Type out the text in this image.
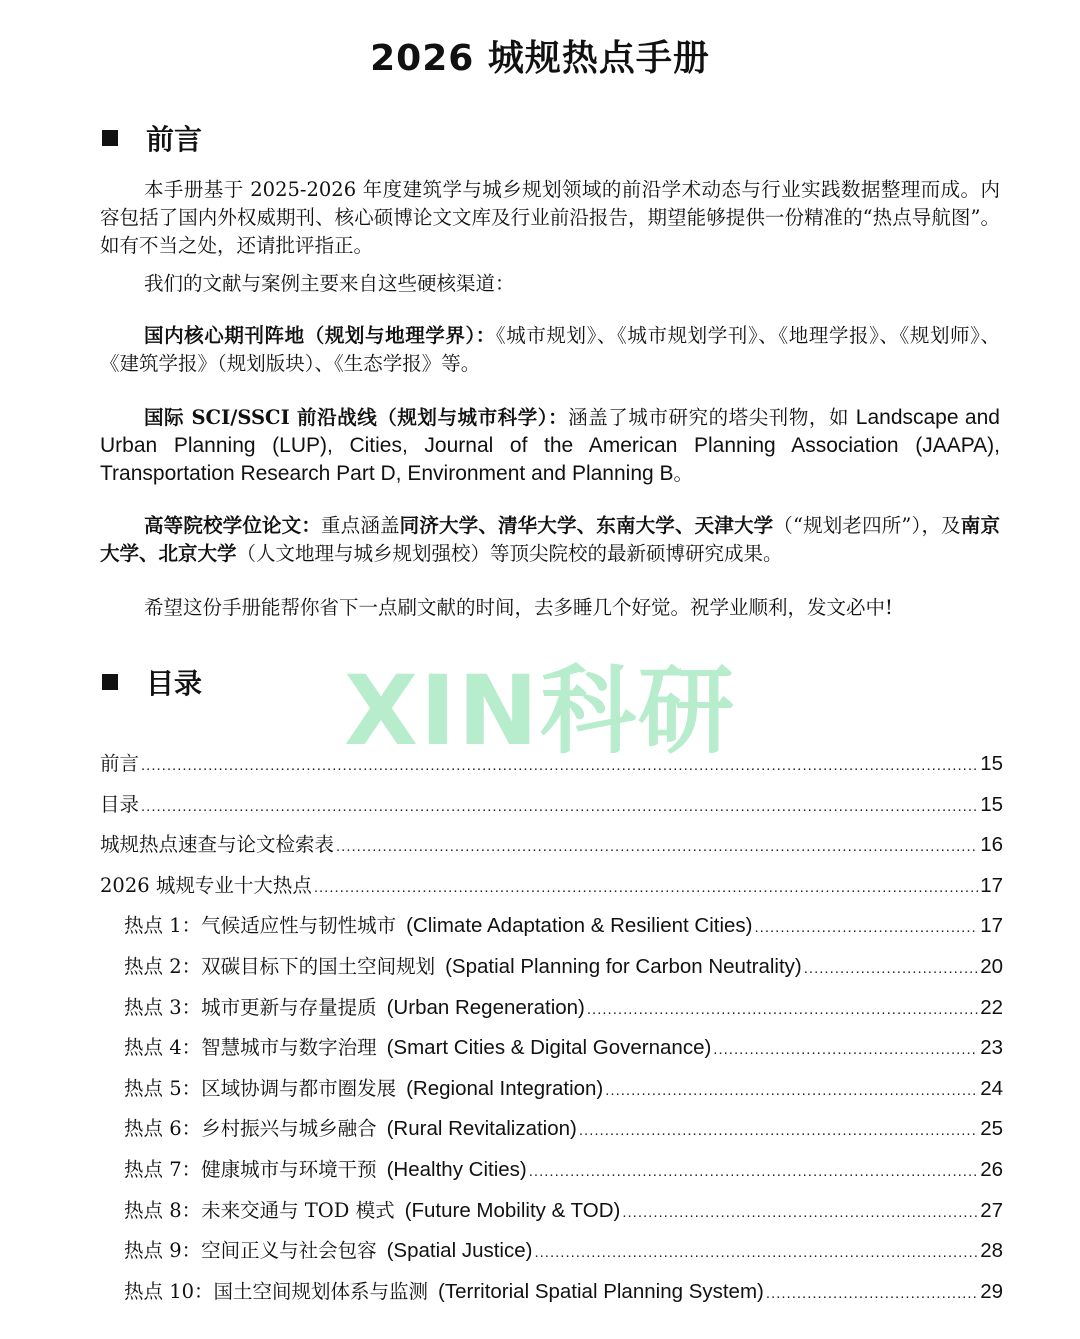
2026 城规热点手册
前言

本手册基于 2025-2026 年度建筑学与城乡规划领域的前沿学术动态与行业实践数据整理而成。内容包括了国内外权威期刊、核心硕博论文文库及行业前沿报告，期望能够提供一份精准的“热点导航图”。如有不当之处，还请批评指正。

我们的文献与案例主要来自这些硬核渠道：

国内核心期刊阵地（规划与地理学界）：《城市规划》、《城市规划学刊》、《地理学报》、《规划师》、《建筑学报》（规划版块）、《生态学报》等。

国际 SCI/SSCI 前沿战线（规划与城市科学）：涵盖了城市研究的塔尖刊物，如 Landscape and Urban Planning (LUP), Cities, Journal of the American Planning Association (JAAPA), Transportation Research Part D, Environment and Planning B。

高等院校学位论文：重点涵盖同济大学、清华大学、东南大学、天津大学（“规划老四所”），及南京大学、北京大学（人文地理与城乡规划强校）等顶尖院校的最新硕博研究成果。

希望这份手册能帮你省下一点刷文献的时间，去多睡几个好觉。祝学业顺利，发文必中!

目录	XIN科研
前言 .....	15
目录 .....	15
城规热点速查与论文检索表 .....	16
2026 城规专业十大热点 .....	17
热点 1：气候适应性与韧性城市 (Climate Adaptation & Resilient Cities) .....	17
热点 2：双碳目标下的国土空间规划 (Spatial Planning for Carbon Neutrality) .....	20
热点 3：城市更新与存量提质 (Urban Regeneration) .....	22
热点 4：智慧城市与数字治理 (Smart Cities & Digital Governance) .....	23
热点 5：区域协调与都市圈发展 (Regional Integration) .....	24
热点 6：乡村振兴与城乡融合 (Rural Revitalization) .....	25
热点 7：健康城市与环境干预 (Healthy Cities) .....	26
热点 8：未来交通与 TOD 模式 (Future Mobility & TOD) .....	27
热点 9：空间正义与社会包容 (Spatial Justice) .....	28
热点 10：国土空间规划体系与监测 (Territorial Spatial Planning System) .....	29
